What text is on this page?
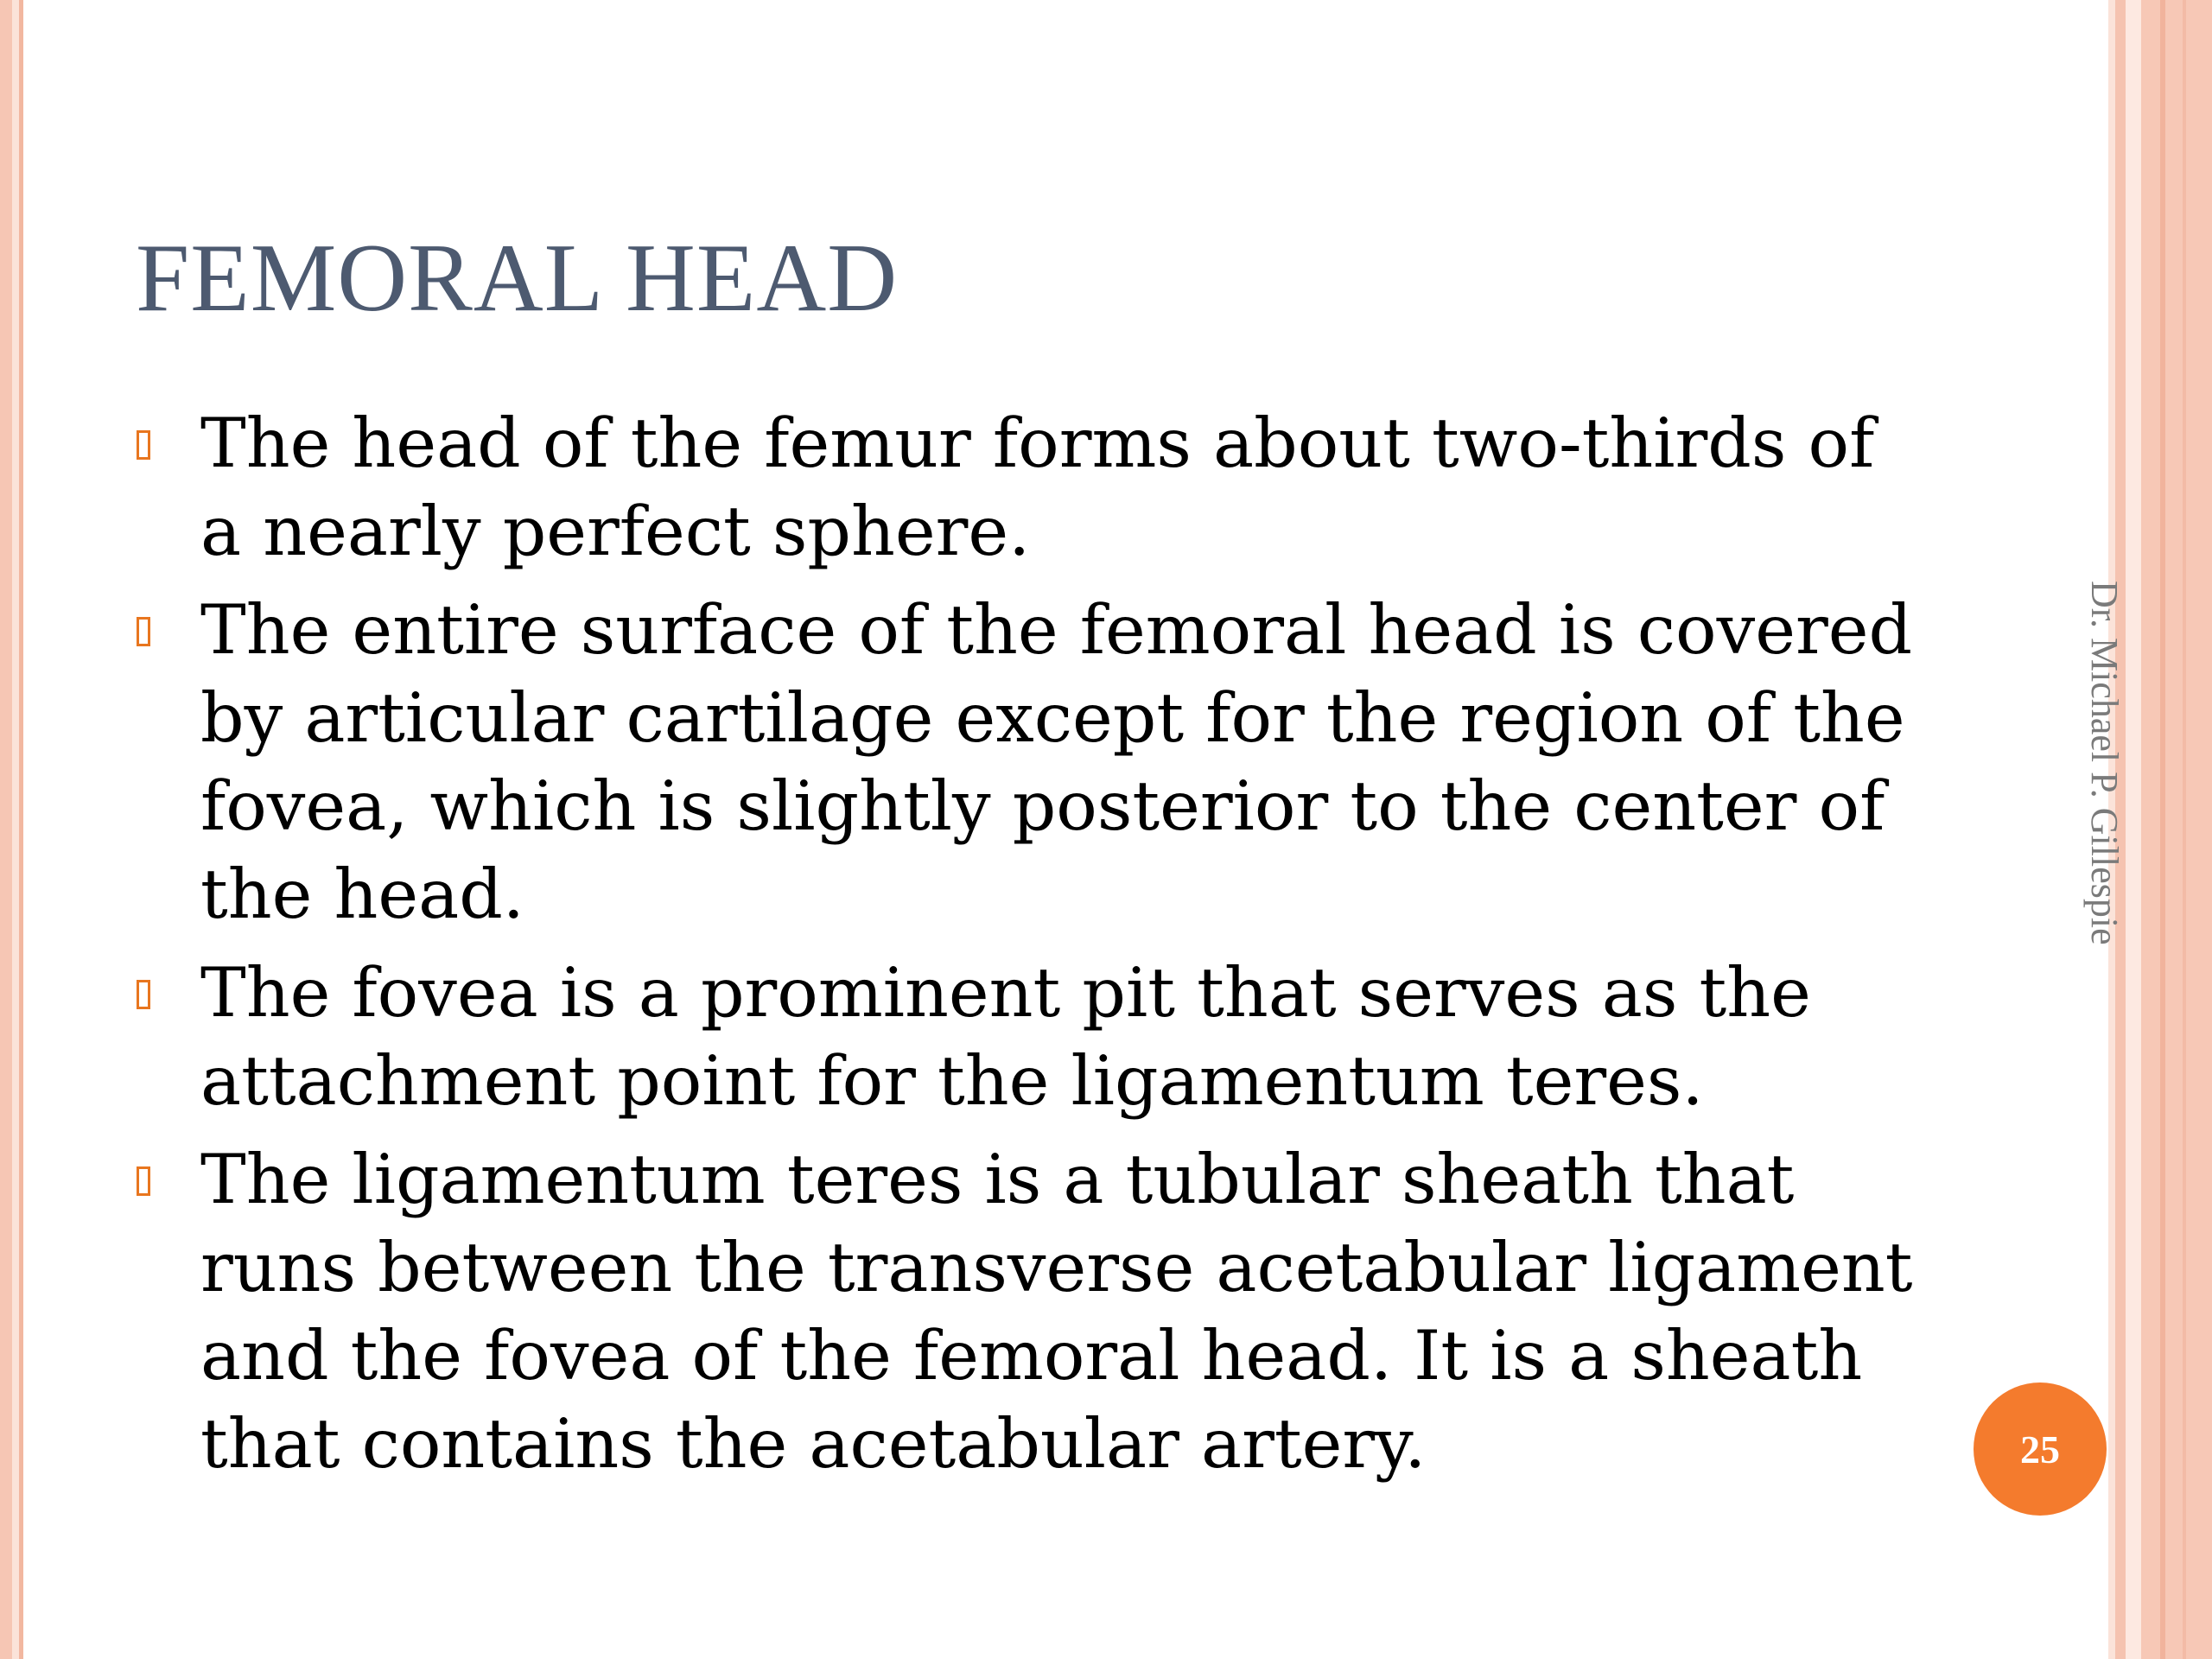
FEMORAL HEAD
The head of the femur forms about two-thirds of a nearly perfect sphere.
The entire surface of the femoral head is covered by articular cartilage except for the region of the fovea, which is slightly posterior to the center of the head.
The fovea is a prominent pit that serves as the attachment point for the ligamentum teres.
The ligamentum teres is a tubular sheath that runs between the transverse acetabular ligament and the fovea of the femoral head. It is a sheath that contains the acetabular artery.
Dr. Michael P. Gillespie
25
